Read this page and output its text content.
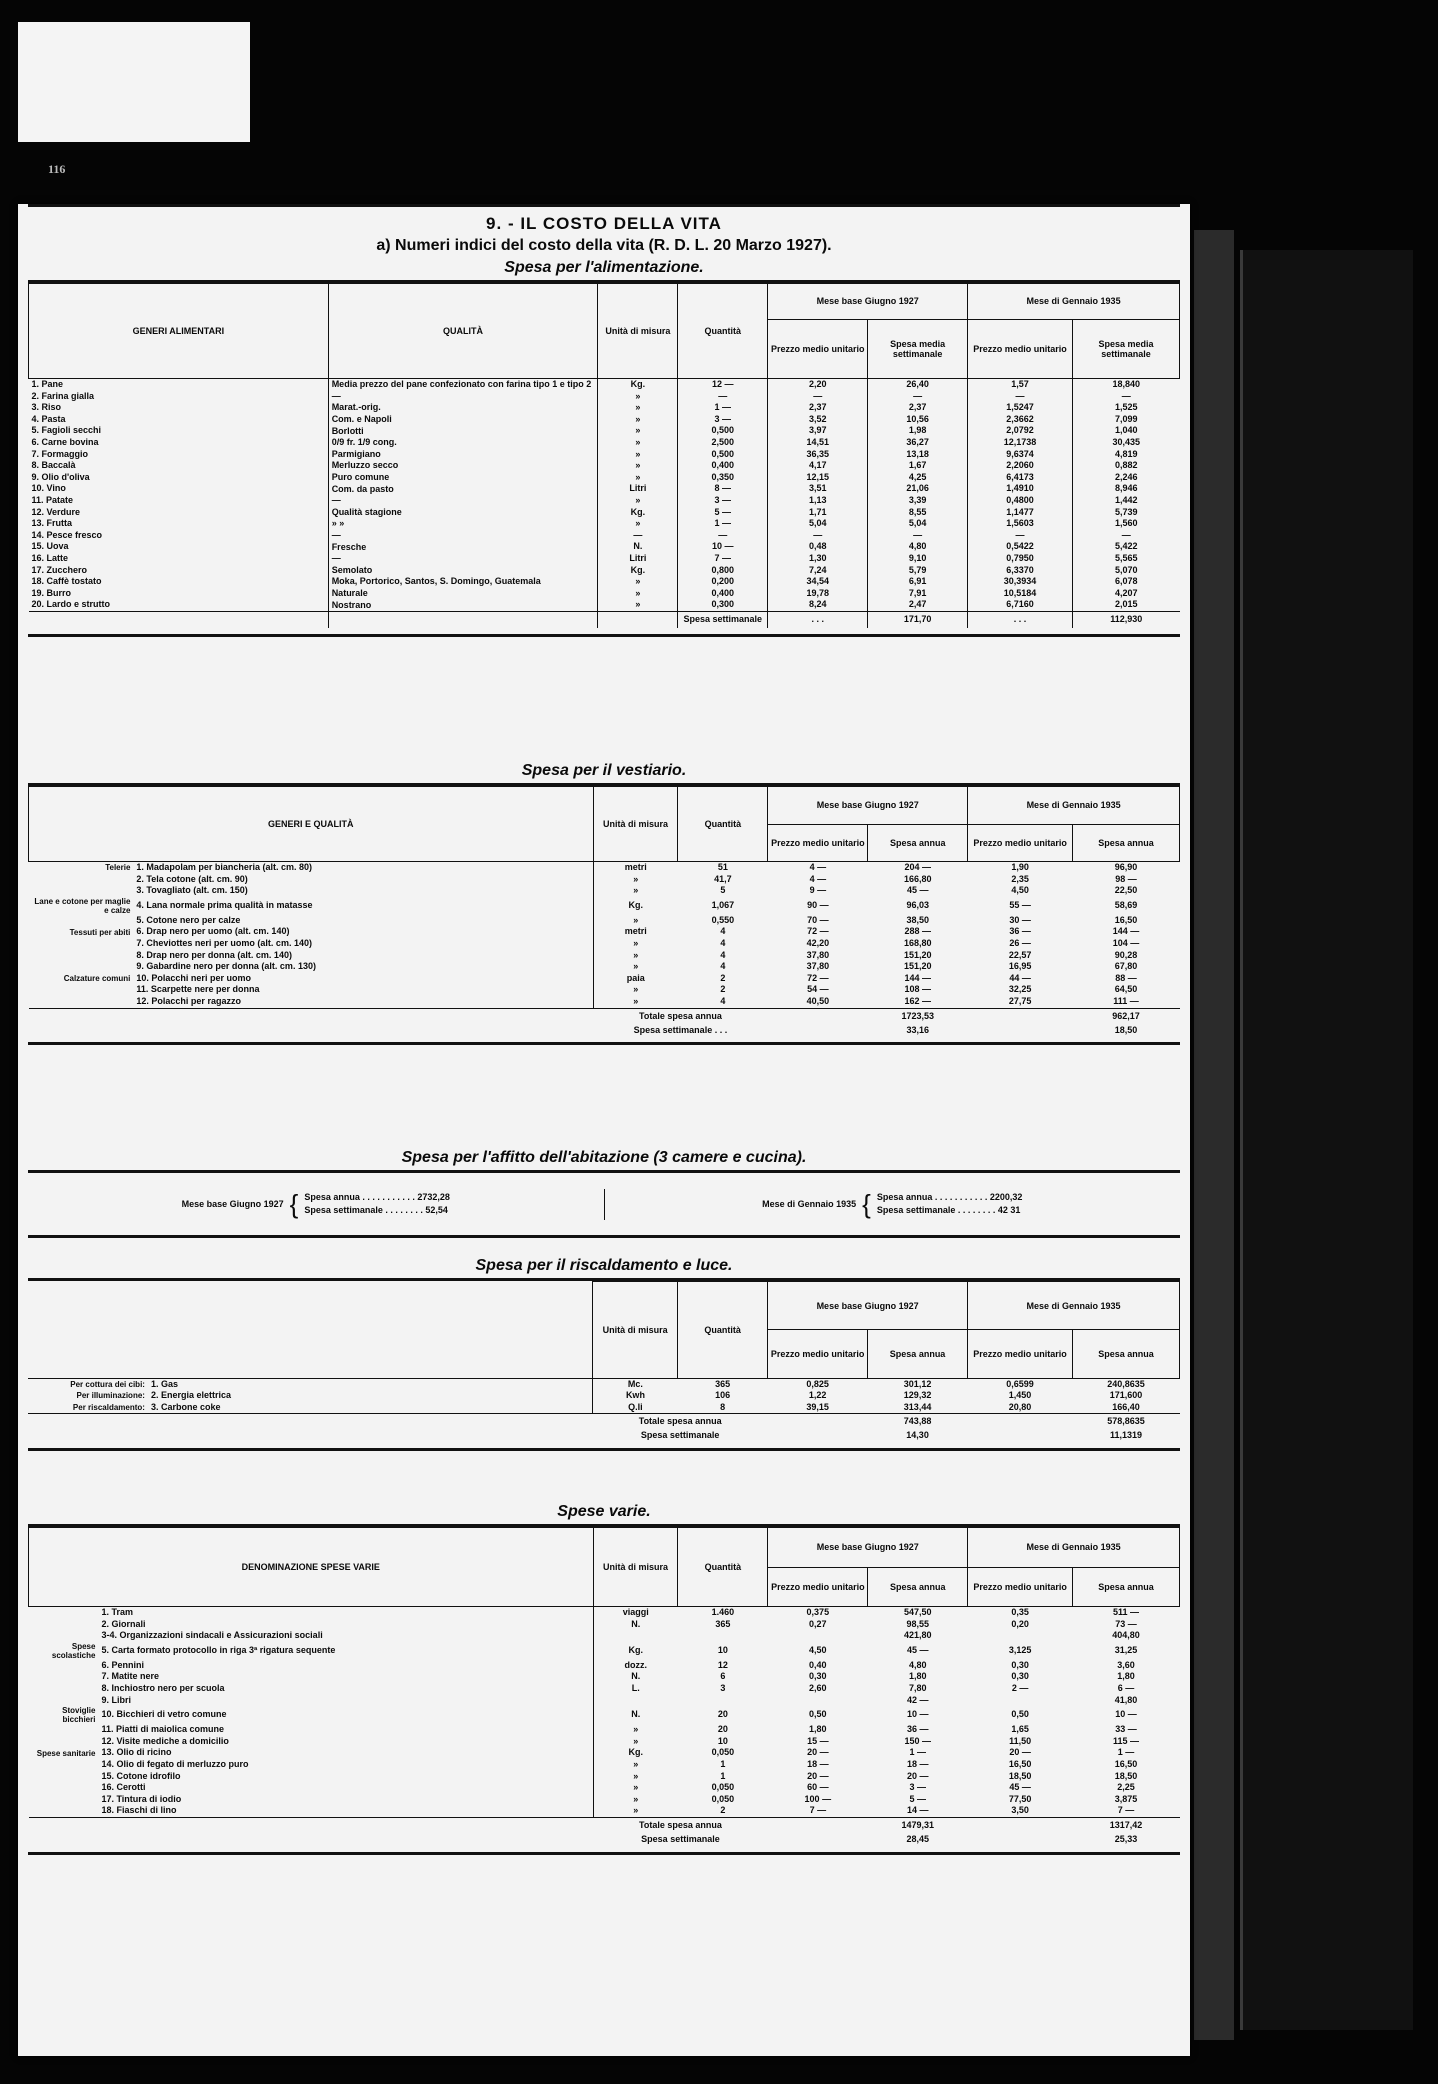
116
9. - IL COSTO DELLA VITA
a) Numeri indici del costo della vita (R. D. L. 20 Marzo 1927).
Spesa per l'alimentazione.
GENERI ALIMENTARI	QUALITÀ	Unità di misura	Quantità	Mese base Giugno 1927		Mese di Gennaio 1935	
				Prezzo medio unitario	Spesa media settimanale	Prezzo medio unitario	Spesa media settimanale
1. Pane	Media prezzo del pane confezionato con farina tipo 1 e tipo 2	Kg.	12 —	2,20	26,40	1,57	18,840
2. Farina gialla	—	»	—	—	—	—	—
3. Riso	Marat.-orig.	»	1 —	2,37	2,37	1,5247	1,525
4. Pasta	Com. e Napoli	»	3 —	3,52	10,56	2,3662	7,099
5. Fagioli secchi	Borlotti	»	0,500	3,97	1,98	2,0792	1,040
6. Carne bovina	0/9 fr. 1/9 cong.	»	2,500	14,51	36,27	12,1738	30,435
7. Formaggio	Parmigiano	»	0,500	36,35	13,18	9,6374	4,819
8. Baccalà	Merluzzo secco	»	0,400	4,17	1,67	2,2060	0,882
9. Olio d'oliva	Puro comune	»	0,350	12,15	4,25	6,4173	2,246
10. Vino	Com. da pasto	Litri	8 —	3,51	21,06	1,4910	8,946
11. Patate	—	»	3 —	1,13	3,39	0,4800	1,442
12. Verdure	Qualità stagione	Kg.	5 —	1,71	8,55	1,1477	5,739
13. Frutta	» »	»	1 —	5,04	5,04	1,5603	1,560
14. Pesce fresco	—	—	—	—	—	—	—
15. Uova	Fresche	N.	10 —	0,48	4,80	0,5422	5,422
16. Latte	—	Litri	7 —	1,30	9,10	0,7950	5,565
17. Zucchero	Semolato	Kg.	0,800	7,24	5,79	6,3370	5,070
18. Caffè tostato	Moka, Portorico, Santos, S. Domingo, Guatemala	»	0,200	34,54	6,91	30,3934	6,078
19. Burro	Naturale	»	0,400	19,78	7,91	10,5184	4,207
20. Lardo e strutto	Nostrano	»	0,300	8,24	2,47	6,7160	2,015
			Spesa settimanale	. . .	171,70	. . .	112,930
Spesa per il vestiario.
GENERI E QUALITÀ		Unità di misura	Quantità	Mese base Giugno 1927		Mese di Gennaio 1935	
				Prezzo medio unitario	Spesa annua	Prezzo medio unitario	Spesa annua
Telerie	1. Madapolam per biancheria (alt. cm. 80)	metri	51	4 —	204 —	1,90	96,90
	2. Tela cotone (alt. cm. 90)	»	41,7	4 —	166,80	2,35	98 —
	3. Tovagliato (alt. cm. 150)	»	5	9 —	45 —	4,50	22,50
Lane e cotone per maglie e calze	4. Lana normale prima qualità in matasse	Kg.	1,067	90 —	96,03	55 —	58,69
	5. Cotone nero per calze	»	0,550	70 —	38,50	30 —	16,50
Tessuti per abiti	6. Drap nero per uomo (alt. cm. 140)	metri	4	72 —	288 —	36 —	144 —
	7. Cheviottes neri per uomo (alt. cm. 140)	»	4	42,20	168,80	26 —	104 —
	8. Drap nero per donna (alt. cm. 140)	»	4	37,80	151,20	22,57	90,28
	9. Gabardine nero per donna (alt. cm. 130)	»	4	37,80	151,20	16,95	67,80
Calzature comuni	10. Polacchi neri per uomo	paia	2	72 —	144 —	44 —	88 —
	11. Scarpette nere per donna	»	2	54 —	108 —	32,25	64,50
	12. Polacchi per ragazzo	»	4	40,50	162 —	27,75	111 —
		Totale spesa annua			1723,53		962,17
		Spesa settimanale . . .			33,16		18,50
Spesa per l'affitto dell'abitazione (3 camere e cucina).
Mese base Giugno 1927 { Spesa annua . . . . . . . . . . . 2732,28
Spesa settimanale . . . . . . . . 52,54
Mese di Gennaio 1935 { Spesa annua . . . . . . . . . . . 2200,32
Spesa settimanale . . . . . . . . 42 31
Spesa per il riscaldamento e luce.
		Unità di misura	Quantità	Mese base Giugno 1927		Mese di Gennaio 1935	
				Prezzo medio unitario	Spesa annua	Prezzo medio unitario	Spesa annua
Per cottura dei cibi:	1. Gas	Mc.	365	0,825	301,12	0,6599	240,8635
Per illuminazione:	2. Energia elettrica	Kwh	106	1,22	129,32	1,450	171,600
Per riscaldamento:	3. Carbone coke	Q.li	8	39,15	313,44	20,80	166,40
		Totale spesa annua			743,88		578,8635
		Spesa settimanale			14,30		11,1319
Spese varie.
DENOMINAZIONE SPESE VARIE		Unità di misura	Quantità	Mese base Giugno 1927		Mese di Gennaio 1935	
				Prezzo medio unitario	Spesa annua	Prezzo medio unitario	Spesa annua
	1. Tram	viaggi	1.460	0,375	547,50	0,35	511 —
	2. Giornali	N.	365	0,27	98,55	0,20	73 —
	3-4. Organizzazioni sindacali e Assicurazioni sociali				421,80		404,80
Spese scolastiche	5. Carta formato protocollo in riga 3ª rigatura sequente	Kg.	10	4,50	45 —	3,125	31,25
	6. Pennini	dozz.	12	0,40	4,80	0,30	3,60
	7. Matite nere	N.	6	0,30	1,80	0,30	1,80
	8. Inchiostro nero per scuola	L.	3	2,60	7,80	2 —	6 —
	9. Libri				42 —		41,80
Stoviglie bicchieri	10. Bicchieri di vetro comune	N.	20	0,50	10 —	0,50	10 —
	11. Piatti di maiolica comune	»	20	1,80	36 —	1,65	33 —
	12. Visite mediche a domicilio	»	10	15 —	150 —	11,50	115 —
Spese sanitarie	13. Olio di ricino	Kg.	0,050	20 —	1 —	20 —	1 —
	14. Olio di fegato di merluzzo puro	»	1	18 —	18 —	16,50	16,50
	15. Cotone idrofilo	»	1	20 —	20 —	18,50	18,50
	16. Cerotti	»	0,050	60 —	3 —	45 —	2,25
	17. Tintura di iodio	»	0,050	100 —	5 —	77,50	3,875
	18. Fiaschi di lino	»	2	7 —	14 —	3,50	7 —
		Totale spesa annua			1479,31		1317,42
		Spesa settimanale			28,45		25,33
